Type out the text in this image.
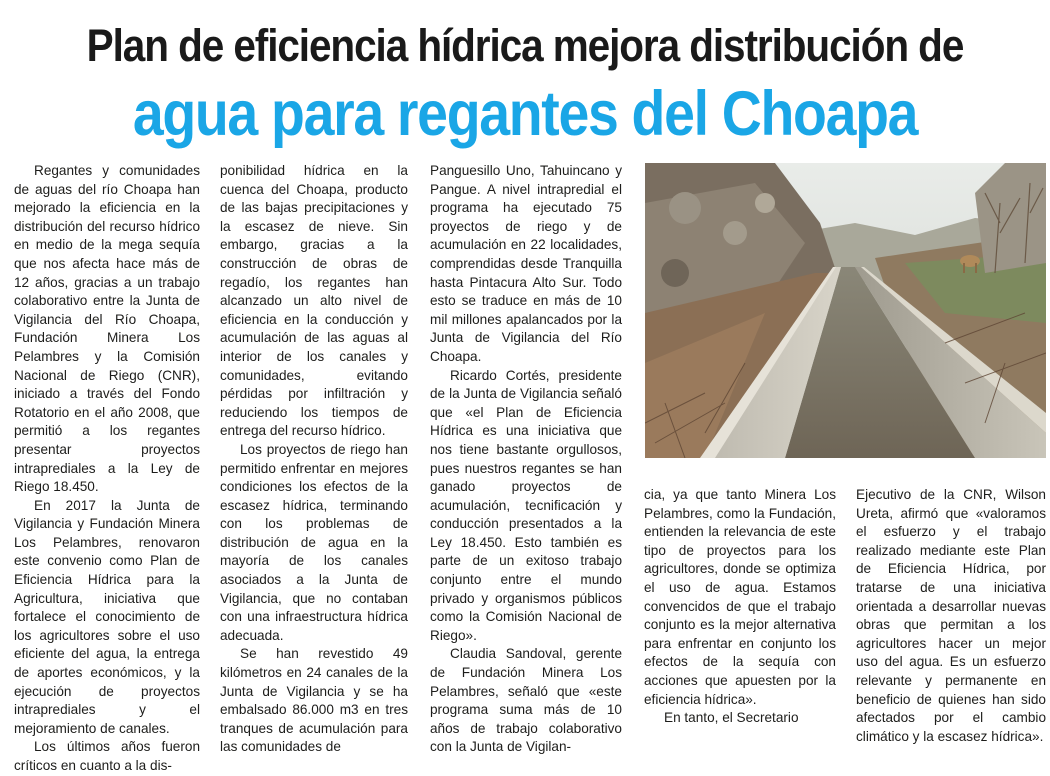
Plan de eficiencia hídrica mejora distribución de
agua para regantes del Choapa

Regantes y comunidades de aguas del río Choapa han mejorado la eficiencia en la distribución del recurso hídrico en medio de la mega sequía que nos afecta hace más de 12 años, gracias a un trabajo colaborativo entre la Junta de Vigilancia del Río Choapa, Fundación Minera Los Pelambres y la Comisión Nacional de Riego (CNR), iniciado a través del Fondo Rotatorio en el año 2008, que permitió a los regantes presentar proyectos intraprediales a la Ley de Riego 18.450.

En 2017 la Junta de Vigilancia y Fundación Minera Los Pelambres, renovaron este convenio como Plan de Eficiencia Hídrica para la Agricultura, iniciativa que fortalece el conocimiento de los agricultores sobre el uso eficiente del agua, la entrega de aportes económicos, y la ejecución de proyectos intraprediales y el mejoramiento de canales.

Los últimos años fueron críticos en cuanto a la dis-

ponibilidad hídrica en la cuenca del Choapa, producto de las bajas precipitaciones y la escasez de nieve. Sin embargo, gracias a la construcción de obras de regadío, los regantes han alcanzado un alto nivel de eficiencia en la conducción y acumulación de las aguas al interior de los canales y comunidades, evitando pérdidas por infiltración y reduciendo los tiempos de entrega del recurso hídrico.

Los proyectos de riego han permitido enfrentar en mejores condiciones los efectos de la escasez hídrica, terminando con los problemas de distribución de agua en la mayoría de los canales asociados a la Junta de Vigilancia, que no contaban con una infraestructura hídrica adecuada.

Se han revestido 49 kilómetros en 24 canales de la Junta de Vigilancia y se ha embalsado 86.000 m3 en tres tranques de acumulación para las comunidades de

Panguesillo Uno, Tahuincano y Pangue. A nivel intrapredial el programa ha ejecutado 75 proyectos de riego y de acumulación en 22 localidades, comprendidas desde Tranquilla hasta Pintacura Alto Sur. Todo esto se traduce en más de 10 mil millones apalancados por la Junta de Vigilancia del Río Choapa.

Ricardo Cortés, presidente de la Junta de Vigilancia señaló que «el Plan de Eficiencia Hídrica es una iniciativa que nos tiene bastante orgullosos, pues nuestros regantes se han ganado proyectos de acumulación, tecnificación y conducción presentados a la Ley 18.450. Esto también es parte de un exitoso trabajo conjunto entre el mundo privado y organismos públicos como la Comisión Nacional de Riego».

Claudia Sandoval, gerente de Fundación Minera Los Pelambres, señaló que «este programa suma más de 10 años de trabajo colaborativo con la Junta de Vigilan-

cia, ya que tanto Minera Los Pelambres, como la Fundación, entienden la relevancia de este tipo de proyectos para los agricultores, donde se optimiza el uso de agua. Estamos convencidos de que el trabajo conjunto es la mejor alternativa para enfrentar en conjunto los efectos de la sequía con acciones que apuesten por la eficiencia hídrica».

En tanto, el Secretario

Ejecutivo de la CNR, Wilson Ureta, afirmó que «valoramos el esfuerzo y el trabajo realizado mediante este Plan de Eficiencia Hídrica, por tratarse de una iniciativa orientada a desarrollar nuevas obras que permitan a los agricultores hacer un mejor uso del agua. Es un esfuerzo relevante y permanente en beneficio de quienes han sido afectados por el cambio climático y la escasez hídrica».
